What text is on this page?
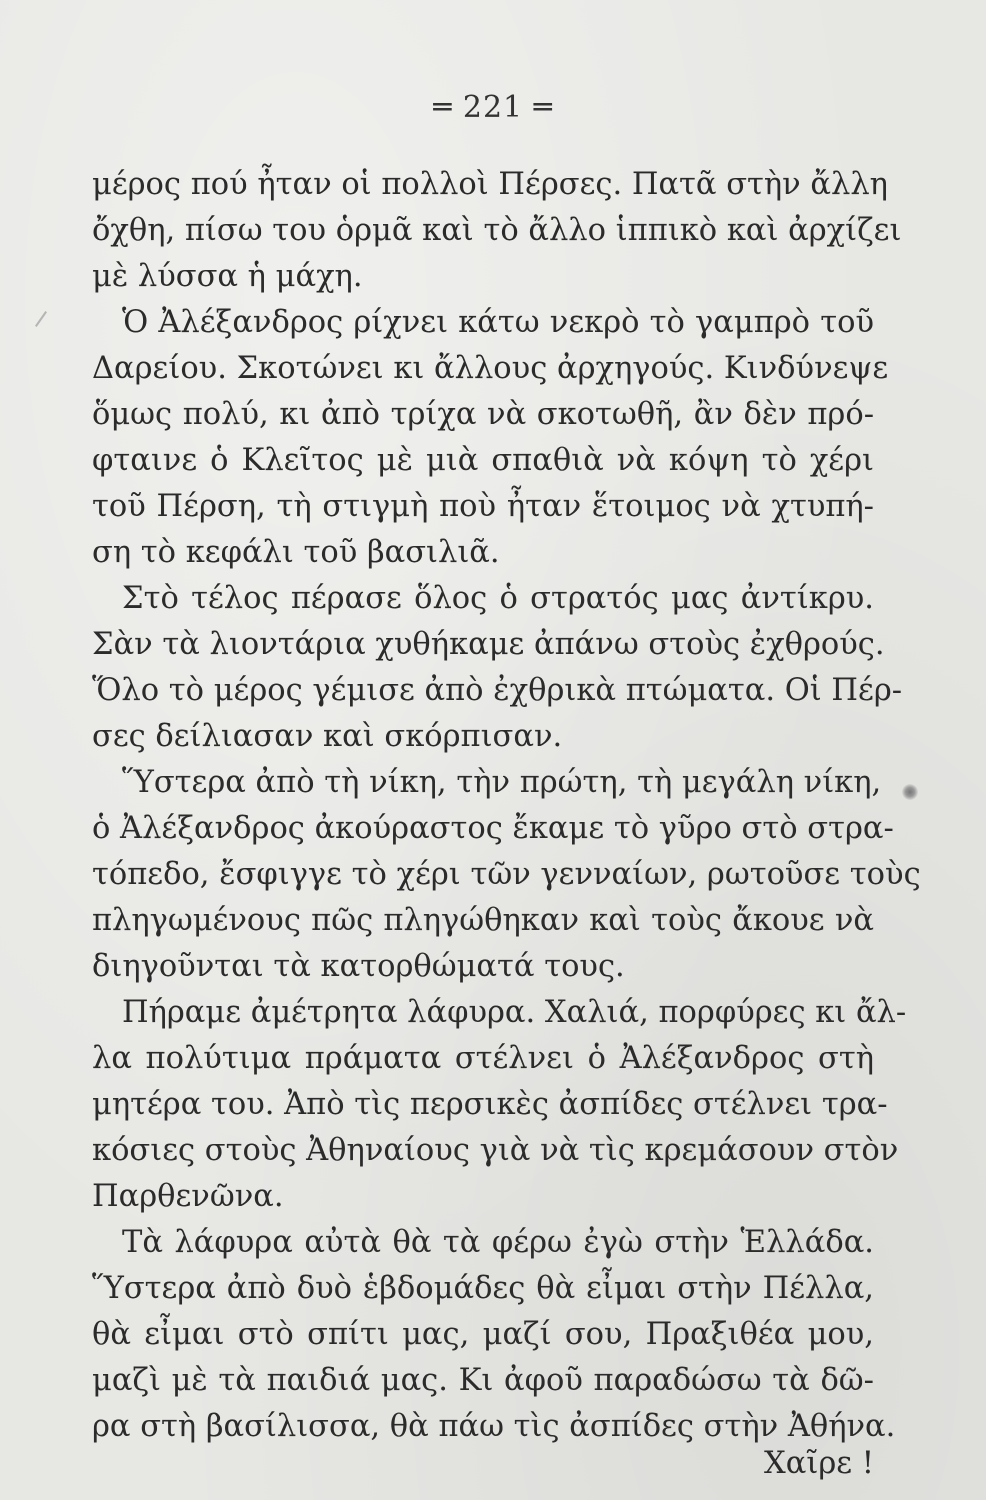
═ 221 ═
μέρος πού ἦταν οἱ πολλοὶ Πέρσες. Πατᾶ στὴν ἄλλη
ὄχθη, πίσω του ὁρμᾶ καὶ τὸ ἄλλο ἱππικὸ καὶ ἀρχίζει
μὲ λύσσα ἡ μάχη.
Ὁ Ἀλέξανδρος ρίχνει κάτω νεκρὸ τὸ γαμπρὸ τοῦ
Δαρείου. Σκοτώνει κι ἄλλους ἀρχηγούς. Κινδύνεψε
ὅμως πολύ, κι ἀπὸ τρίχα νὰ σκοτωθῆ, ἂν δὲν πρό-
φταινε ὁ Κλεῖτος μὲ μιὰ σπαθιὰ νὰ κόψη τὸ χέρι
τοῦ Πέρση, τὴ στιγμὴ ποὺ ἦταν ἕτοιμος νὰ χτυπή-
ση τὸ κεφάλι τοῦ βασιλιᾶ.
Στὸ τέλος πέρασε ὅλος ὁ στρατός μας ἀντίκρυ.
Σὰν τὰ λιοντάρια χυθήκαμε ἀπάνω στοὺς ἐχθρούς.
Ὅλο τὸ μέρος γέμισε ἀπὸ ἐχθρικὰ πτώματα. Οἱ Πέρ-
σες δείλιασαν καὶ σκόρπισαν.
Ὕστερα ἀπὸ τὴ νίκη, τὴν πρώτη, τὴ μεγάλη νίκη,
ὁ Ἀλέξανδρος ἀκούραστος ἔκαμε τὸ γῦρο στὸ στρα-
τόπεδο, ἔσφιγγε τὸ χέρι τῶν γενναίων, ρωτοῦσε τοὺς
πληγωμένους πῶς πληγώθηκαν καὶ τοὺς ἄκουε νὰ
διηγοῦνται τὰ κατορθώματά τους.
Πήραμε ἀμέτρητα λάφυρα. Χαλιά, πορφύρες κι ἄλ-
λα πολύτιμα πράματα στέλνει ὁ Ἀλέξανδρος στὴ
μητέρα του. Ἀπὸ τὶς περσικὲς ἀσπίδες στέλνει τρα-
κόσιες στοὺς Ἀθηναίους γιὰ νὰ τὶς κρεμάσουν στὸν
Παρθενῶνα.
Τὰ λάφυρα αὐτὰ θὰ τὰ φέρω ἐγὼ στὴν Ἑλλάδα.
Ὕστερα ἀπὸ δυὸ ἑβδομάδες θὰ εἶμαι στὴν Πέλλα,
θὰ εἶμαι στὸ σπίτι μας, μαζί σου, Πραξιθέα μου,
μαζὶ μὲ τὰ παιδιά μας. Κι ἀφοῦ παραδώσω τὰ δῶ-
ρα στὴ βασίλισσα, θὰ πάω τὶς ἀσπίδες στὴν Ἀθήνα.
Χαῖρε !
